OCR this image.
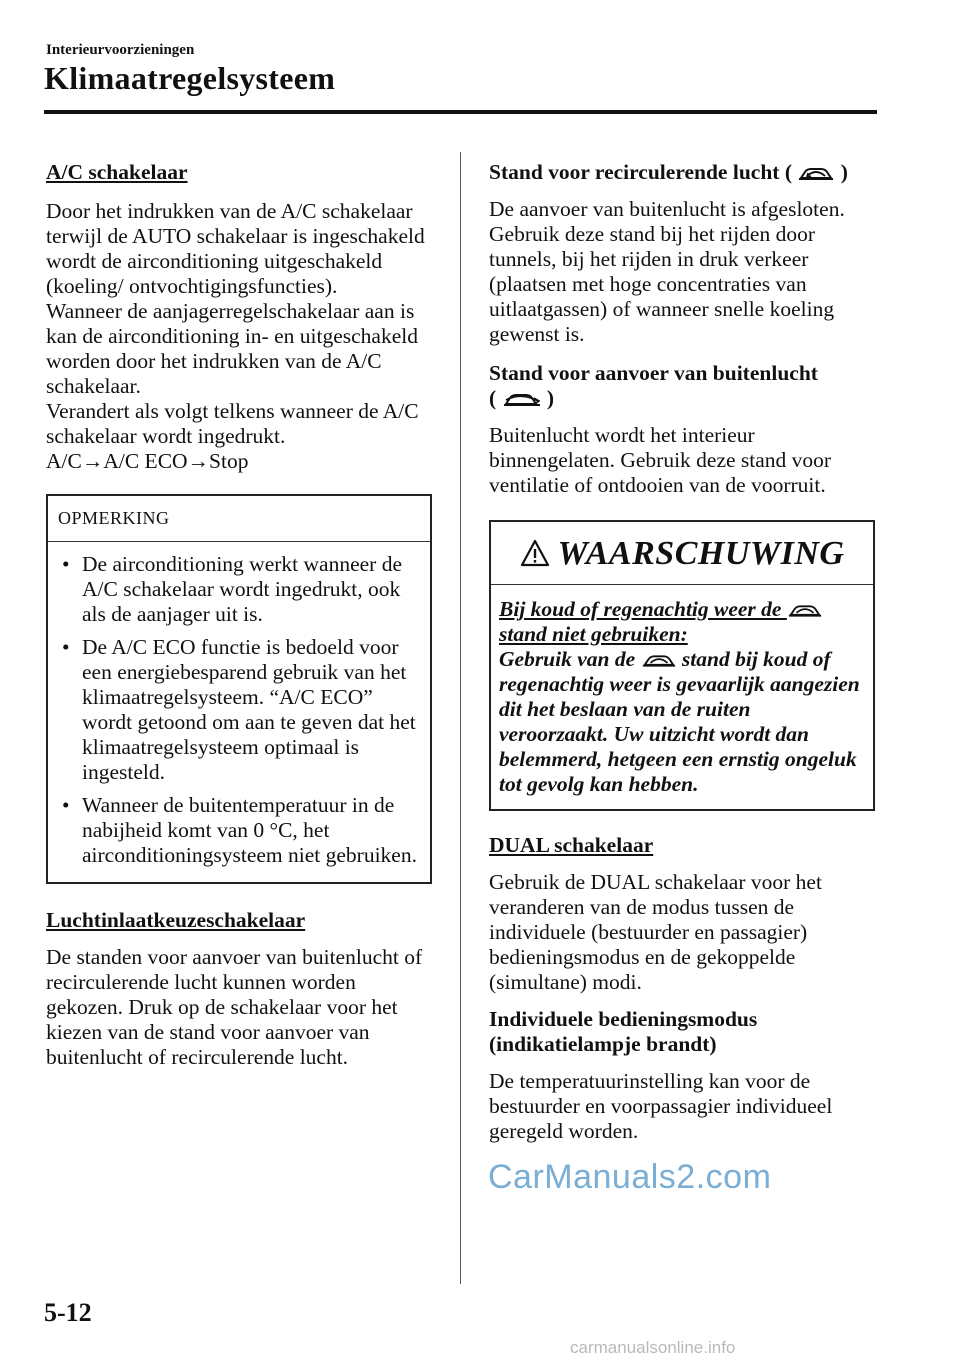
Interieurvoorzieningen
Klimaatregelsysteem

A/C schakelaar

Door het indrukken van de A/C schakelaar terwijl de AUTO schakelaar is ingeschakeld wordt de airconditioning uitgeschakeld (koeling/ ontvochtigingsfuncties).

Wanneer de aanjagerregelschakelaar aan is kan de airconditioning in- en uitgeschakeld worden door het indrukken van de A/C schakelaar.

Verandert als volgt telkens wanneer de A/C schakelaar wordt ingedrukt.

A/C→A/C ECO→Stop

OPMERKING
• De airconditioning werkt wanneer de A/C schakelaar wordt ingedrukt, ook als de aanjager uit is.
• De A/C ECO functie is bedoeld voor een energiebesparend gebruik van het klimaatregelsysteem. “A/C ECO” wordt getoond om aan te geven dat het klimaatregelsysteem optimaal is ingesteld.
• Wanneer de buitentemperatuur in de nabijheid komt van 0 °C, het airconditioningsysteem niet gebruiken.

Luchtinlaatkeuzeschakelaar

De standen voor aanvoer van buitenlucht of recirculerende lucht kunnen worden gekozen. Druk op de schakelaar voor het kiezen van de stand voor aanvoer van buitenlucht of recirculerende lucht.

Stand voor recirculerende lucht ( )

De aanvoer van buitenlucht is afgesloten. Gebruik deze stand bij het rijden door tunnels, bij het rijden in druk verkeer (plaatsen met hoge concentraties van uitlaatgassen) of wanneer snelle koeling gewenst is.

Stand voor aanvoer van buitenlucht
( )

Buitenlucht wordt het interieur binnengelaten. Gebruik deze stand voor ventilatie of ontdooien van de voorruit.

WAARSCHUWING

Bij koud of regenachtig weer de  stand niet gebruiken:

Gebruik van de stand bij koud of regenachtig weer is gevaarlijk aangezien dit het beslaan van de ruiten veroorzaakt. Uw uitzicht wordt dan belemmerd, hetgeen een ernstig ongeluk tot gevolg kan hebben.

DUAL schakelaar

Gebruik de DUAL schakelaar voor het veranderen van de modus tussen de individuele (bestuurder en passagier) bedieningsmodus en de gekoppelde (simultane) modi.

Individuele bedieningsmodus (indikatielampje brandt)

De temperatuurinstelling kan voor de bestuurder en voorpassagier individueel geregeld worden.

CarManuals2.com
5-12
carmanualsonline.info
